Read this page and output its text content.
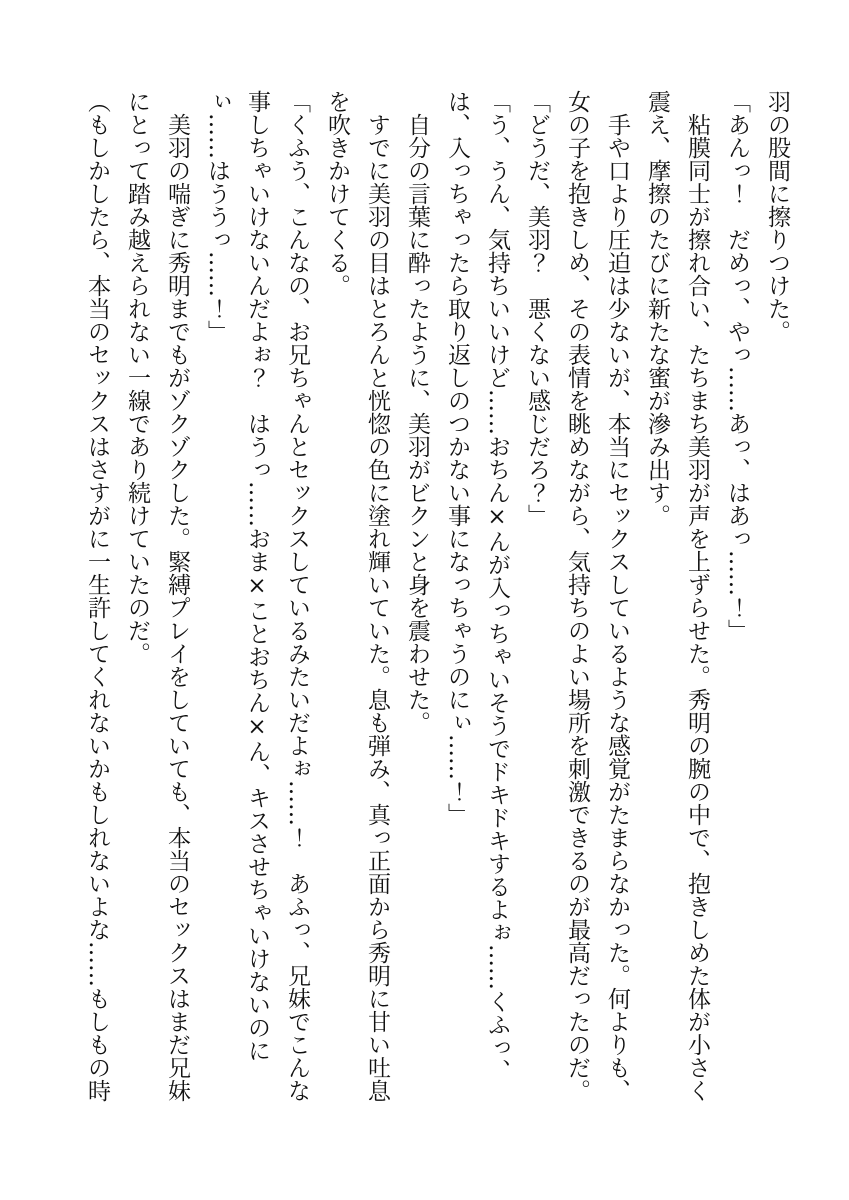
羽の股間に擦りつけた。

「あんっ！　だめっ、やっ……あっ、はあっ……！」

　粘膜同士が擦れ合い、たちまち美羽が声を上ずらせた。秀明の腕の中で、抱きしめた体が小さく震え、摩擦のたびに新たな蜜が滲み出す。

　手や口より圧迫は少ないが、本当にセックスしているような感覚がたまらなかった。何よりも、女の子を抱きしめ、その表情を眺めながら、気持ちのよい場所を刺激できるのが最高だったのだ。

「どうだ、美羽？　悪くない感じだろ？」

「う、うん、気持ちいいけど……おちん×んが入っちゃいそうでドキドキするよぉ……くふっ、は、入っちゃったら取り返しのつかない事になっちゃうのにぃ……！」

　自分の言葉に酔ったように、美羽がビクンと身を震わせた。

　すでに美羽の目はとろんと恍惚の色に塗れ輝いていた。息も弾み、真っ正面から秀明に甘い吐息を吹きかけてくる。

「くふう、こんなの、お兄ちゃんとセックスしているみたいだよぉ……！　あふっ、兄妹でこんな事しちゃいけないんだよぉ？　はうっ……おま×ことおちん×ん、キスさせちゃいけないのにぃ……はううっ……！」

　美羽の喘ぎに秀明までもがゾクゾクした。緊縛プレイをしていても、本当のセックスはまだ兄妹にとって踏み越えられない一線であり続けていたのだ。

（もしかしたら、本当のセックスはさすがに一生許してくれないかもしれないよな……もしもの時
